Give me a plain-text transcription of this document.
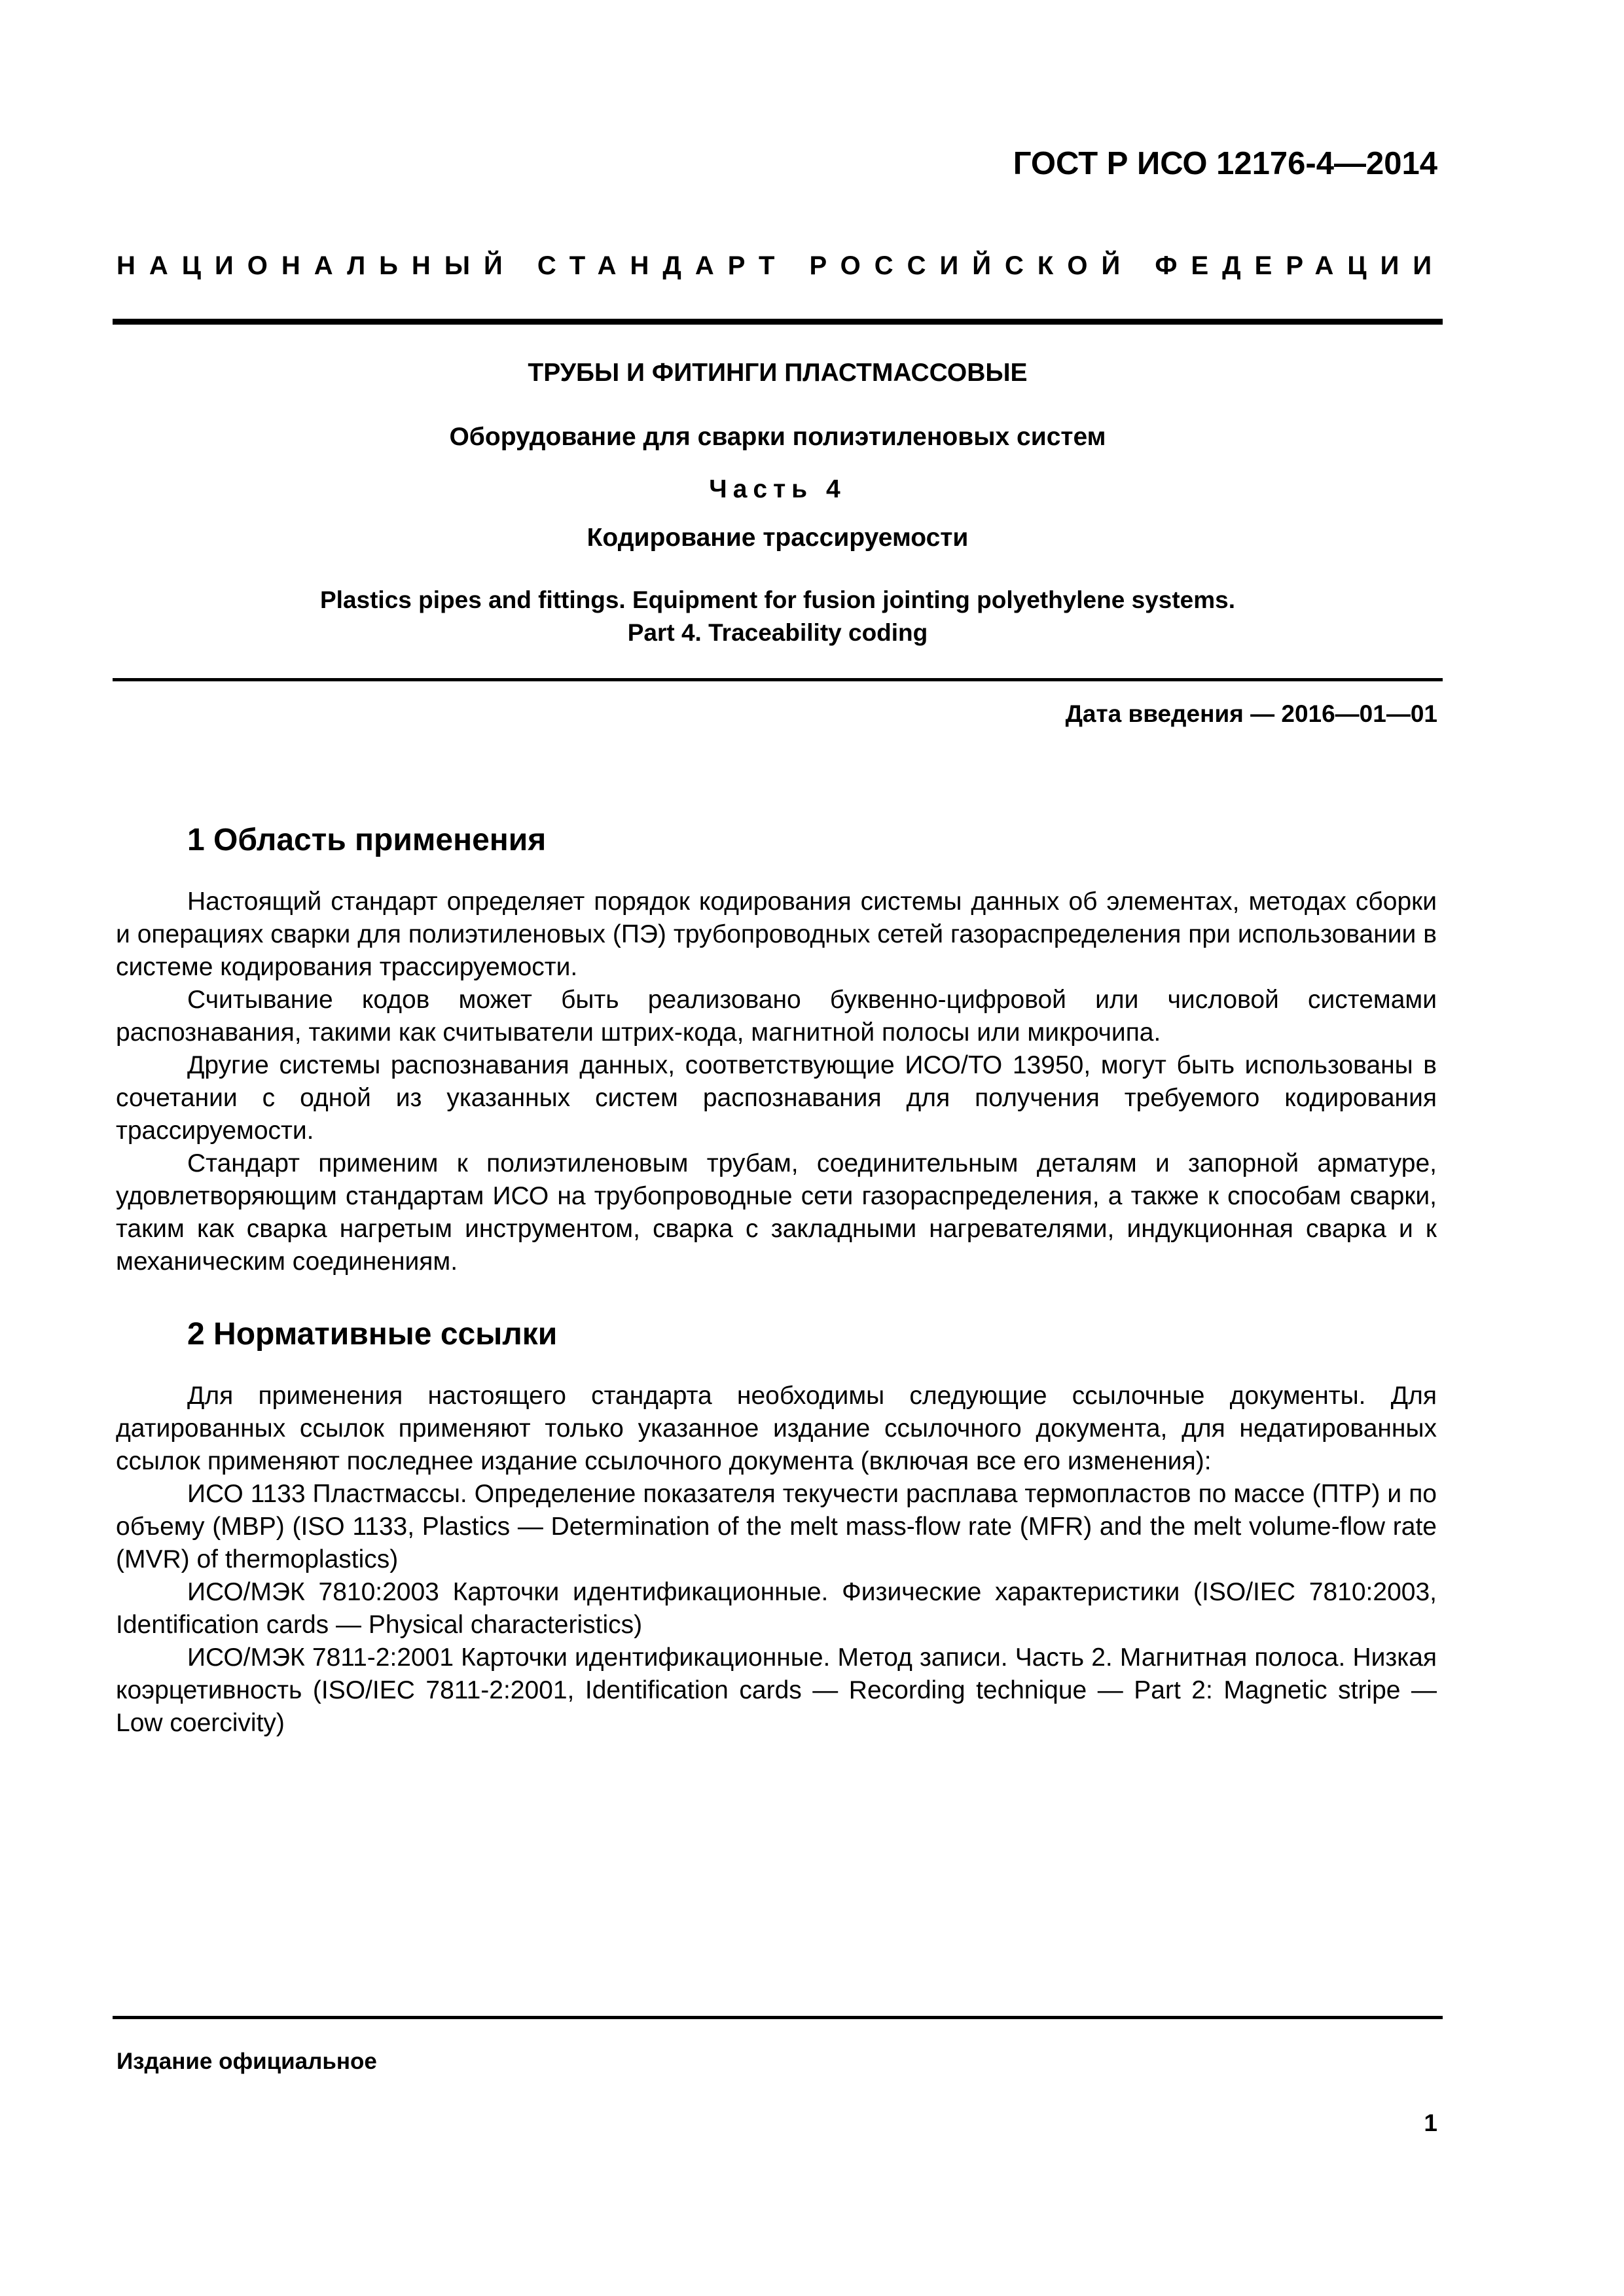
ГОСТ Р ИСО 12176-4—2014
НАЦИОНАЛЬНЫЙ СТАНДАРТ РОССИЙСКОЙ ФЕДЕРАЦИИ
ТРУБЫ И ФИТИНГИ ПЛАСТМАССОВЫЕ
Оборудование для сварки полиэтиленовых систем
Часть 4
Кодирование трассируемости
Plastics pipes and fittings. Equipment for fusion jointing polyethylene systems.
Part 4. Traceability coding
Дата введения — 2016—01—01
1 Область применения

Настоящий стандарт определяет порядок кодирования системы данных об элементах, методах сборки и операциях сварки для полиэтиленовых (ПЭ) трубопроводных сетей газораспределения при использовании в системе кодирования трассируемости.

Считывание кодов может быть реализовано буквенно-цифровой или числовой системами распознавания, такими как считыватели штрих-кода, магнитной полосы или микрочипа.

Другие системы распознавания данных, соответствующие ИСО/ТО 13950, могут быть использованы в сочетании с одной из указанных систем распознавания для получения требуемого кодирования трассируемости.

Стандарт применим к полиэтиленовым трубам, соединительным деталям и запорной арматуре, удовлетворяющим стандартам ИСО на трубопроводные сети газораспределения, а также к способам сварки, таким как сварка нагретым инструментом, сварка с закладными нагревателями, индукционная сварка и к механическим соединениям.

2 Нормативные ссылки

Для применения настоящего стандарта необходимы следующие ссылочные документы. Для датированных ссылок применяют только указанное издание ссылочного документа, для недатированных ссылок применяют последнее издание ссылочного документа (включая все его изменения):

ИСО 1133 Пластмассы. Определение показателя текучести расплава термопластов по массе (ПТР) и по объему (МВР) (ISO 1133, Plastics — Determination of the melt mass-flow rate (MFR) and the melt volume-flow rate (MVR) of thermoplastics)

ИСО/МЭК 7810:2003 Карточки идентификационные. Физические характеристики (ISO/IEC 7810:2003, Identification cards — Physical characteristics)

ИСО/МЭК 7811-2:2001 Карточки идентификационные. Метод записи. Часть 2. Магнитная полоса. Низкая коэрцетивность (ISO/IEC 7811-2:2001, Identification cards — Recording technique — Part 2: Magnetic stripe — Low coercivity)

Издание официальное
1
